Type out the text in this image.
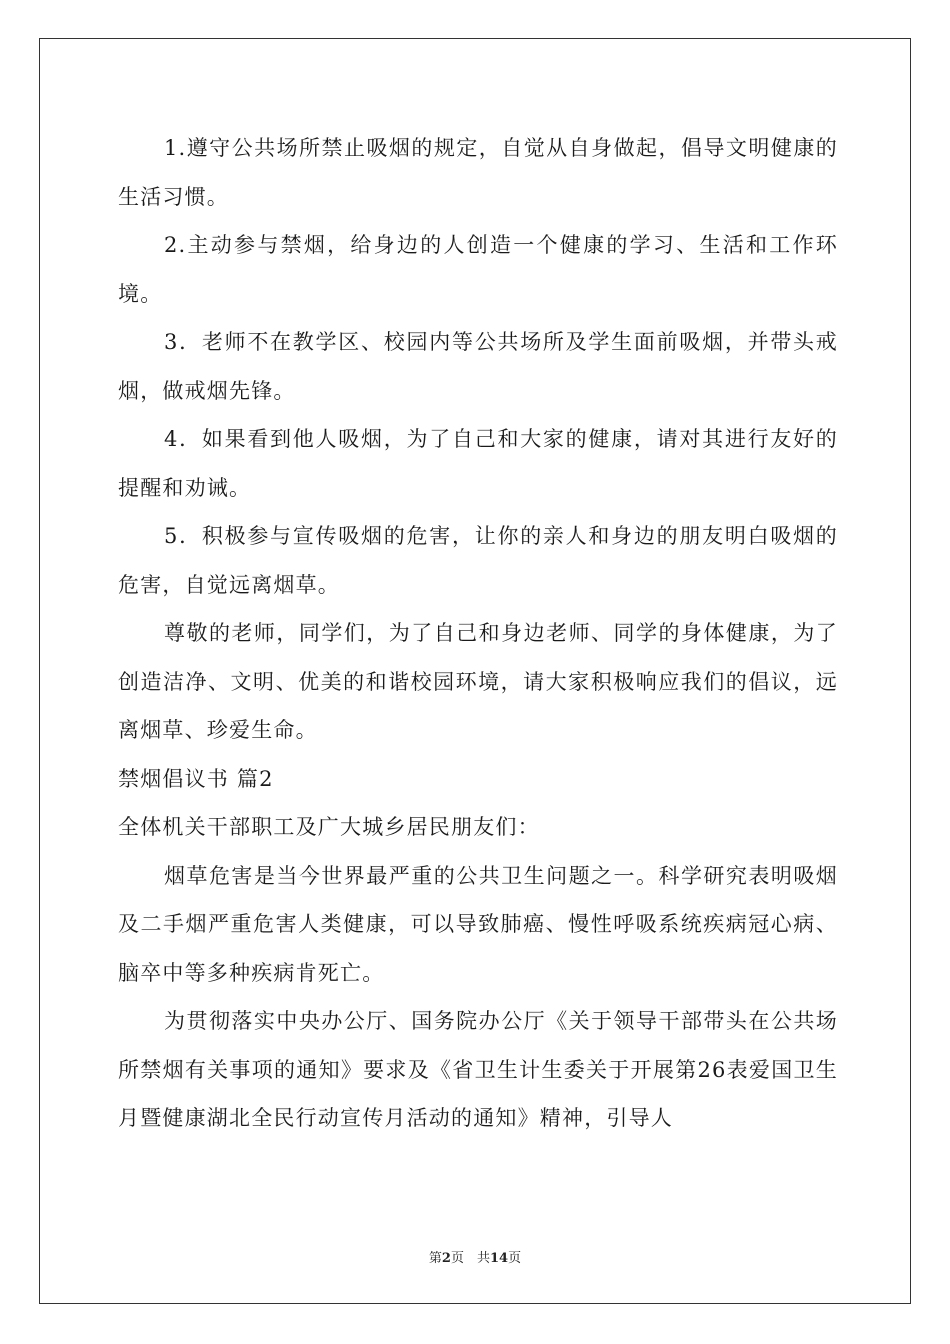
1.遵守公共场所禁止吸烟的规定，自觉从自身做起，倡导文明健康的生活习惯。

2.主动参与禁烟，给身边的人创造一个健康的学习、生活和工作环境。

3．老师不在教学区、校园内等公共场所及学生面前吸烟，并带头戒烟，做戒烟先锋。

4．如果看到他人吸烟，为了自己和大家的健康，请对其进行友好的提醒和劝诫。

5．积极参与宣传吸烟的危害，让你的亲人和身边的朋友明白吸烟的危害，自觉远离烟草。

尊敬的老师，同学们，为了自己和身边老师、同学的身体健康，为了创造洁净、文明、优美的和谐校园环境，请大家积极响应我们的倡议，远离烟草、珍爱生命。

禁烟倡议书 篇2

全体机关干部职工及广大城乡居民朋友们：

烟草危害是当今世界最严重的公共卫生问题之一。科学研究表明吸烟及二手烟严重危害人类健康，可以导致肺癌、慢性呼吸系统疾病冠心病、脑卒中等多种疾病肯死亡。

为贯彻落实中央办公厅、国务院办公厅《关于领导干部带头在公共场所禁烟有关事项的通知》要求及《省卫生计生委关于开展第26表爱国卫生月暨健康湖北全民行动宣传月活动的通知》精神，引导人

第2页　共14页
